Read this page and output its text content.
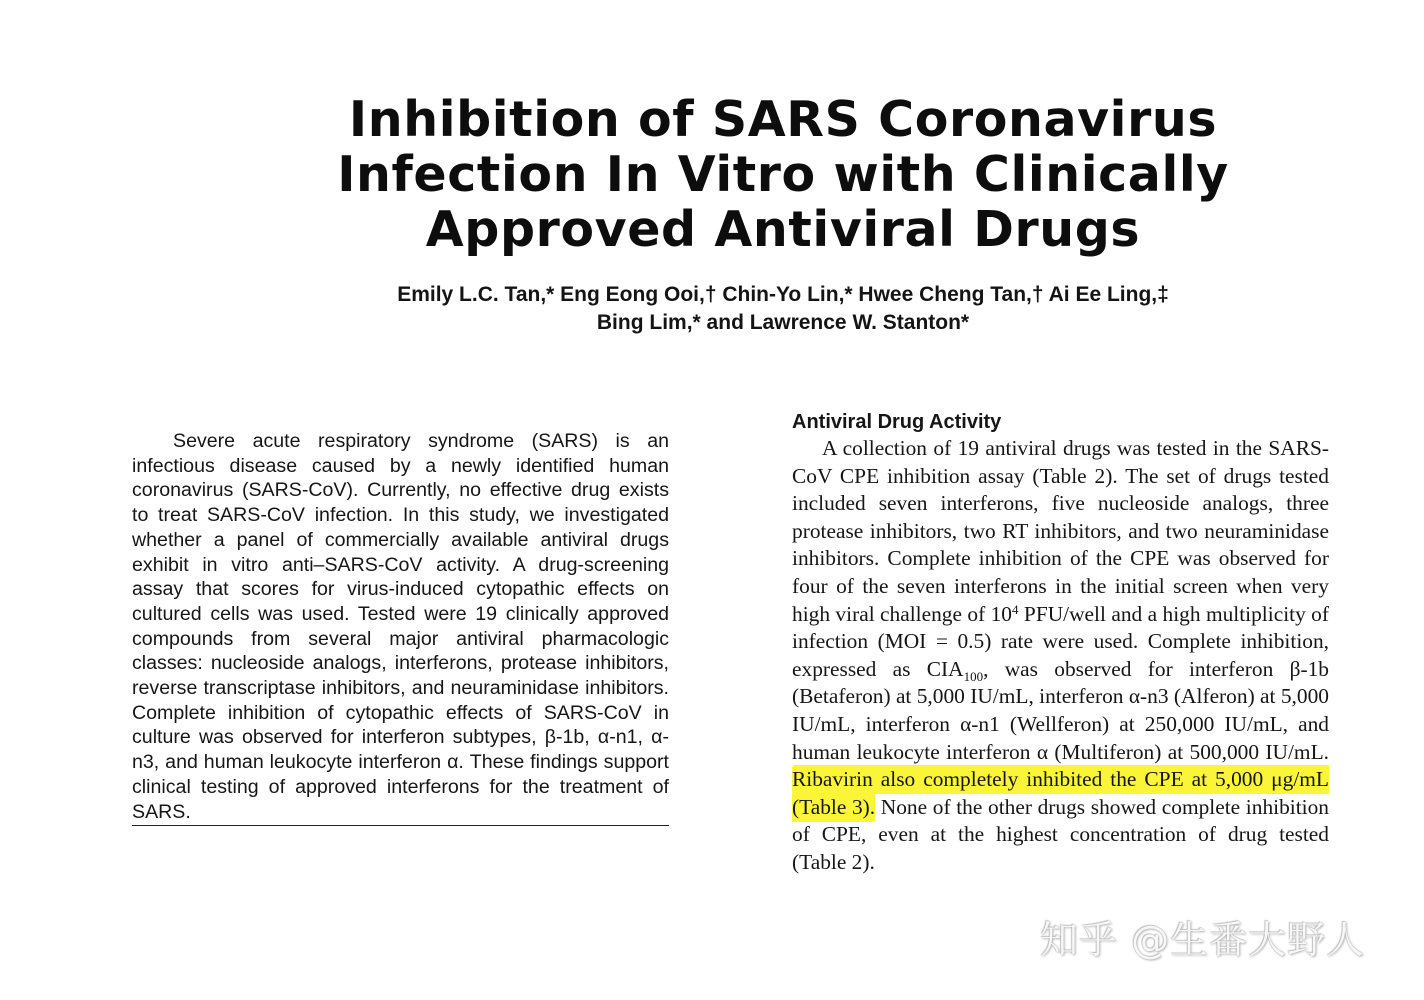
Inhibition of SARS Coronavirus
Infection In Vitro with Clinically
Approved Antiviral Drugs

Emily L.C. Tan,* Eng Eong Ooi,† Chin-Yo Lin,* Hwee Cheng Tan,† Ai Ee Ling,‡
Bing Lim,* and Lawrence W. Stanton*

Severe acute respiratory syndrome (SARS) is an infectious disease caused by a newly identified human coronavirus (SARS-CoV). Currently, no effective drug exists to treat SARS-CoV infection. In this study, we investigated whether a panel of commercially available antiviral drugs exhibit in vitro anti–SARS-CoV activity. A drug-screening assay that scores for virus-induced cytopathic effects on cultured cells was used. Tested were 19 clinically approved compounds from several major antiviral pharmacologic classes: nucleoside analogs, interferons, protease inhibitors, reverse transcriptase inhibitors, and neuraminidase inhibitors. Complete inhibition of cytopathic effects of SARS-CoV in culture was observed for interferon subtypes, β-1b, α-n1, α-n3, and human leukocyte interferon α. These findings support clinical testing of approved interferons for the treatment of SARS.

Antiviral Drug Activity

A collection of 19 antiviral drugs was tested in the SARS-CoV CPE inhibition assay (Table 2). The set of drugs tested included seven interferons, five nucleoside analogs, three protease inhibitors, two RT inhibitors, and two neuraminidase inhibitors. Complete inhibition of the CPE was observed for four of the seven interferons in the initial screen when very high viral challenge of $10^4$ PFU/well and a high multiplicity of infection (MOI = 0.5) rate were used. Complete inhibition, expressed as $CIA_{100}$, was observed for interferon β-1b (Betaferon) at 5,000 IU/mL, interferon α-n3 (Alferon) at 5,000 IU/mL, interferon α-n1 (Wellferon) at 250,000 IU/mL, and human leukocyte interferon α (Multiferon) at 500,000 IU/mL. Ribavirin also completely inhibited the CPE at 5,000 μg/mL (Table 3). None of the other drugs showed complete inhibition of CPE, even at the highest concentration of drug tested (Table 2).

知乎 @生番大野人
